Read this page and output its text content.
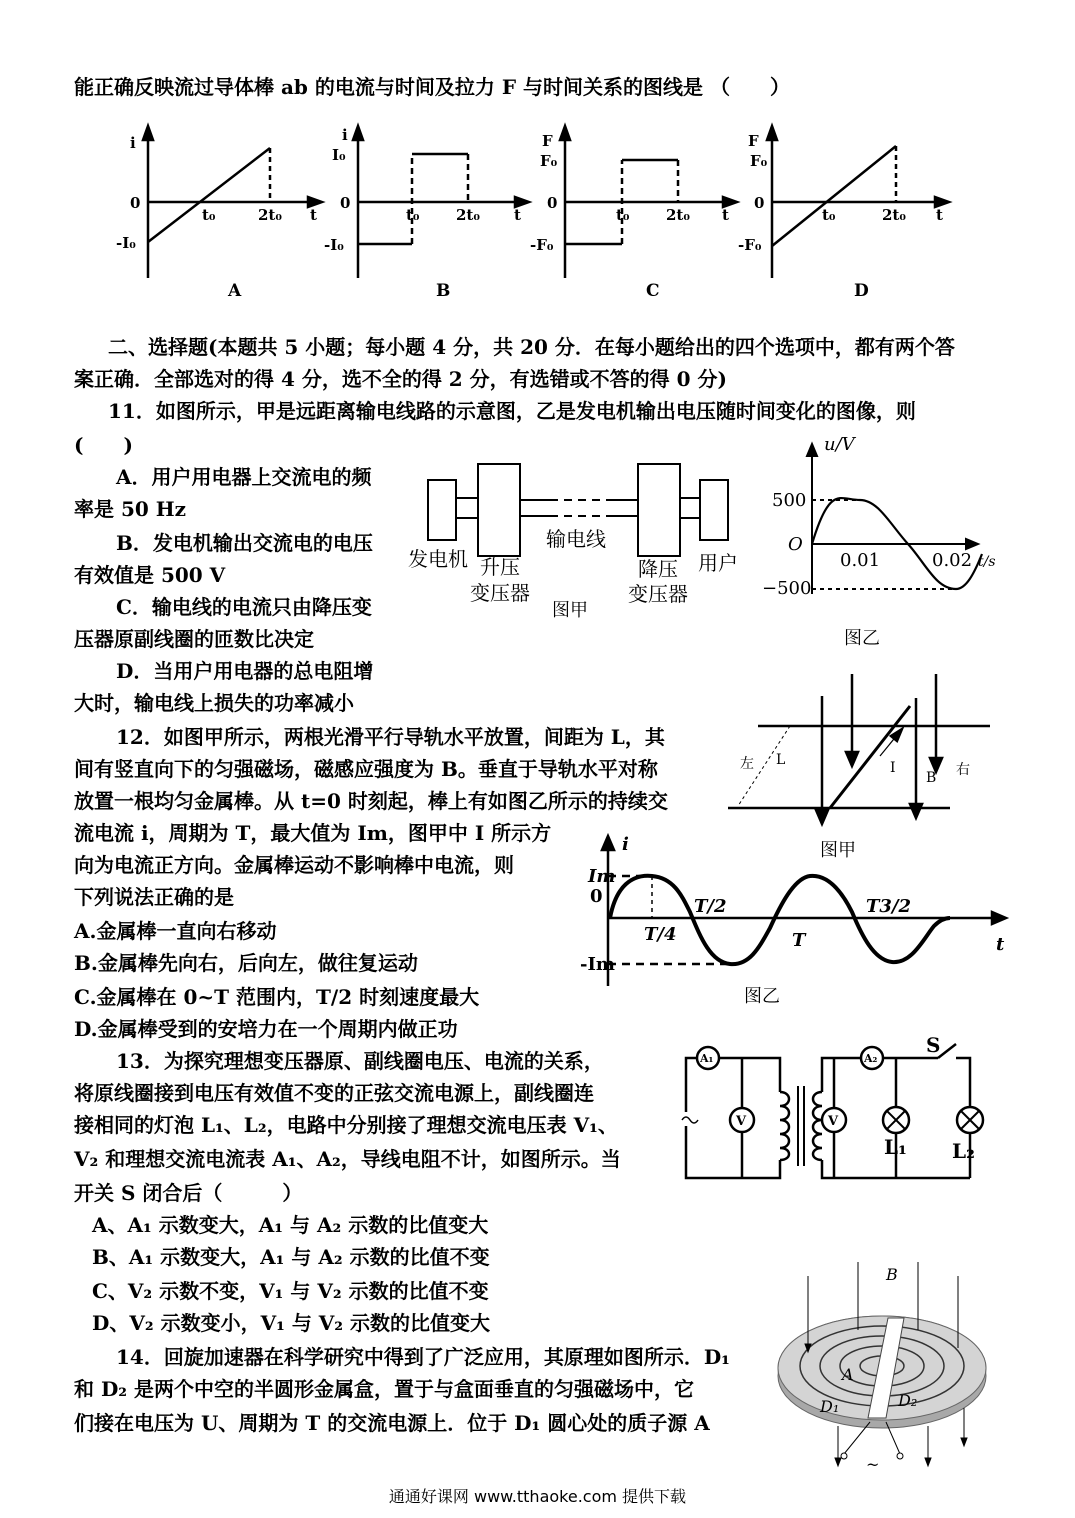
能正确反映流过导体棒 ab 的电流与时间及拉力 F 与时间关系的图线是 （　　）
i
0
-I₀
t₀	2t₀ t
A
i
I₀
0
-I₀
t₀ 2t₀ t
B
F
F₀
0
-F₀
t₀ 2t₀ t
C
F
F₀
0
-F₀
t₀	2t₀ t
D
二、选择题(本题共 5 小题；每小题 4 分，共 20 分．在每小题给出的四个选项中，都有两个答
案正确．全部选对的得 4 分，选不全的得 2 分，有选错或不答的得 0 分)
11．如图所示，甲是远距离输电线路的示意图，乙是发电机输出电压随时间变化的图像，则
(　　)
A．用户用电器上交流电的频
率是 50 Hz
B．发电机输出交流电的电压
有效值是 500 V
C．输电线的电流只由降压变
压器原副线圈的匝数比决定
D．当用户用电器的总电阻增
大时，输电线上损失的功率减小
发电机 升压
变压器
输电线
降压
变压器
用户
图甲
u/V
500
O
0.01	0.02 t/s
−500
图乙
12．如图甲所示，两根光滑平行导轨水平放置，间距为 L，其
间有竖直向下的匀强磁场，磁感应强度为 B。垂直于导轨水平对称
放置一根均匀金属棒。从 t=0 时刻起，棒上有如图乙所示的持续交
流电流 i，周期为 T，最大值为 Im，图甲中 I 所示方
向为电流正方向。金属棒运动不影响棒中电流，则
下列说法正确的是
A.金属棒一直向右移动
B.金属棒先向右，后向左，做往复运动
C.金属棒在 0~T 范围内，T/2 时刻速度最大
D.金属棒受到的安培力在一个周期内做正功
左	右
L	I
B
图甲
i
Im
0
-Im
T/4
T/2
T
T3/2
t
图乙
13．为探究理想变压器原、副线圈电压、电流的关系，
将原线圈接到电压有效值不变的正弦交流电源上，副线圈连
接相同的灯泡 L₁、L₂，电路中分别接了理想交流电压表 V₁、
V₂ 和理想交流电流表 A₁、A₂，导线电阻不计，如图所示。当
开关 S 闭合后（　　　）
A、A₁ 示数变大，A₁ 与 A₂ 示数的比值变大
B、A₁ 示数变大，A₁ 与 A₂ 示数的比值不变
C、V₂ 示数不变，V₁ 与 V₂ 示数的比值不变
D、V₂ 示数变小，V₁ 与 V₂ 示数的比值变大
A₁	A₂
V	V
L₁ L₂
S
14．回旋加速器在科学研究中得到了广泛应用，其原理如图所示．D₁
和 D₂ 是两个中空的半圆形金属盒，置于与盒面垂直的匀强磁场中，它
们接在电压为 U、周期为 T 的交流电源上．位于 D₁ 圆心处的质子源 A
B
A
D₁	D₂
~
通通好课网 www.tthaoke.com 提供下载
